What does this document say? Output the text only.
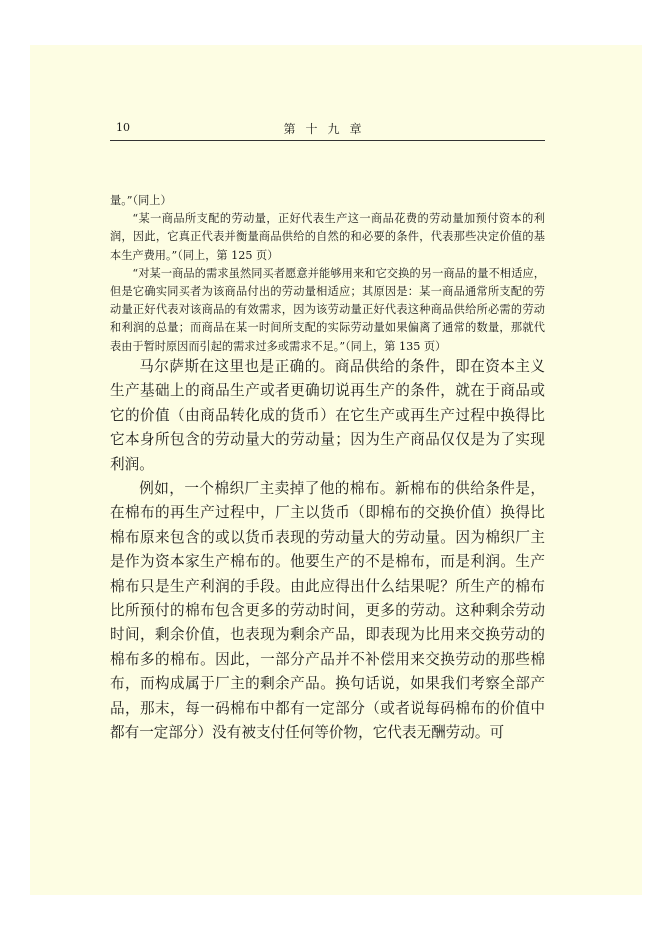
10	第十九章

量。”（同上）

“某一商品所支配的劳动量，正好代表生产这一商品花费的劳动量加预付资本的利润，因此，它真正代表并衡量商品供给的自然的和必要的条件，代表那些决定价值的基本生产费用。”（同上，第 125 页）

“对某一商品的需求虽然同买者愿意并能够用来和它交换的另一商品的量不相适应，但是它确实同买者为该商品付出的劳动量相适应；其原因是：某一商品通常所支配的劳动量正好代表对该商品的有效需求，因为该劳动量正好代表这种商品供给所必需的劳动和利润的总量；而商品在某一时间所支配的实际劳动量如果偏离了通常的数量，那就代表由于暂时原因而引起的需求过多或需求不足。”（同上，第 135 页）

马尔萨斯在这里也是正确的。商品供给的条件，即在资本主义生产基础上的商品生产或者更确切说再生产的条件，就在于商品或它的价值（由商品转化成的货币）在它生产或再生产过程中换得比它本身所包含的劳动量大的劳动量；因为生产商品仅仅是为了实现利润。

例如，一个棉织厂主卖掉了他的棉布。新棉布的供给条件是，在棉布的再生产过程中，厂主以货币（即棉布的交换价值）换得比棉布原来包含的或以货币表现的劳动量大的劳动量。因为棉织厂主是作为资本家生产棉布的。他要生产的不是棉布，而是利润。生产棉布只是生产利润的手段。由此应得出什么结果呢？所生产的棉布比所预付的棉布包含更多的劳动时间，更多的劳动。这种剩余劳动时间，剩余价值，也表现为剩余产品，即表现为比用来交换劳动的棉布多的棉布。因此，一部分产品并不补偿用来交换劳动的那些棉布，而构成属于厂主的剩余产品。换句话说，如果我们考察全部产品，那末，每一码棉布中都有一定部分（或者说每码棉布的价值中都有一定部分）没有被支付任何等价物，它代表无酬劳动。可
